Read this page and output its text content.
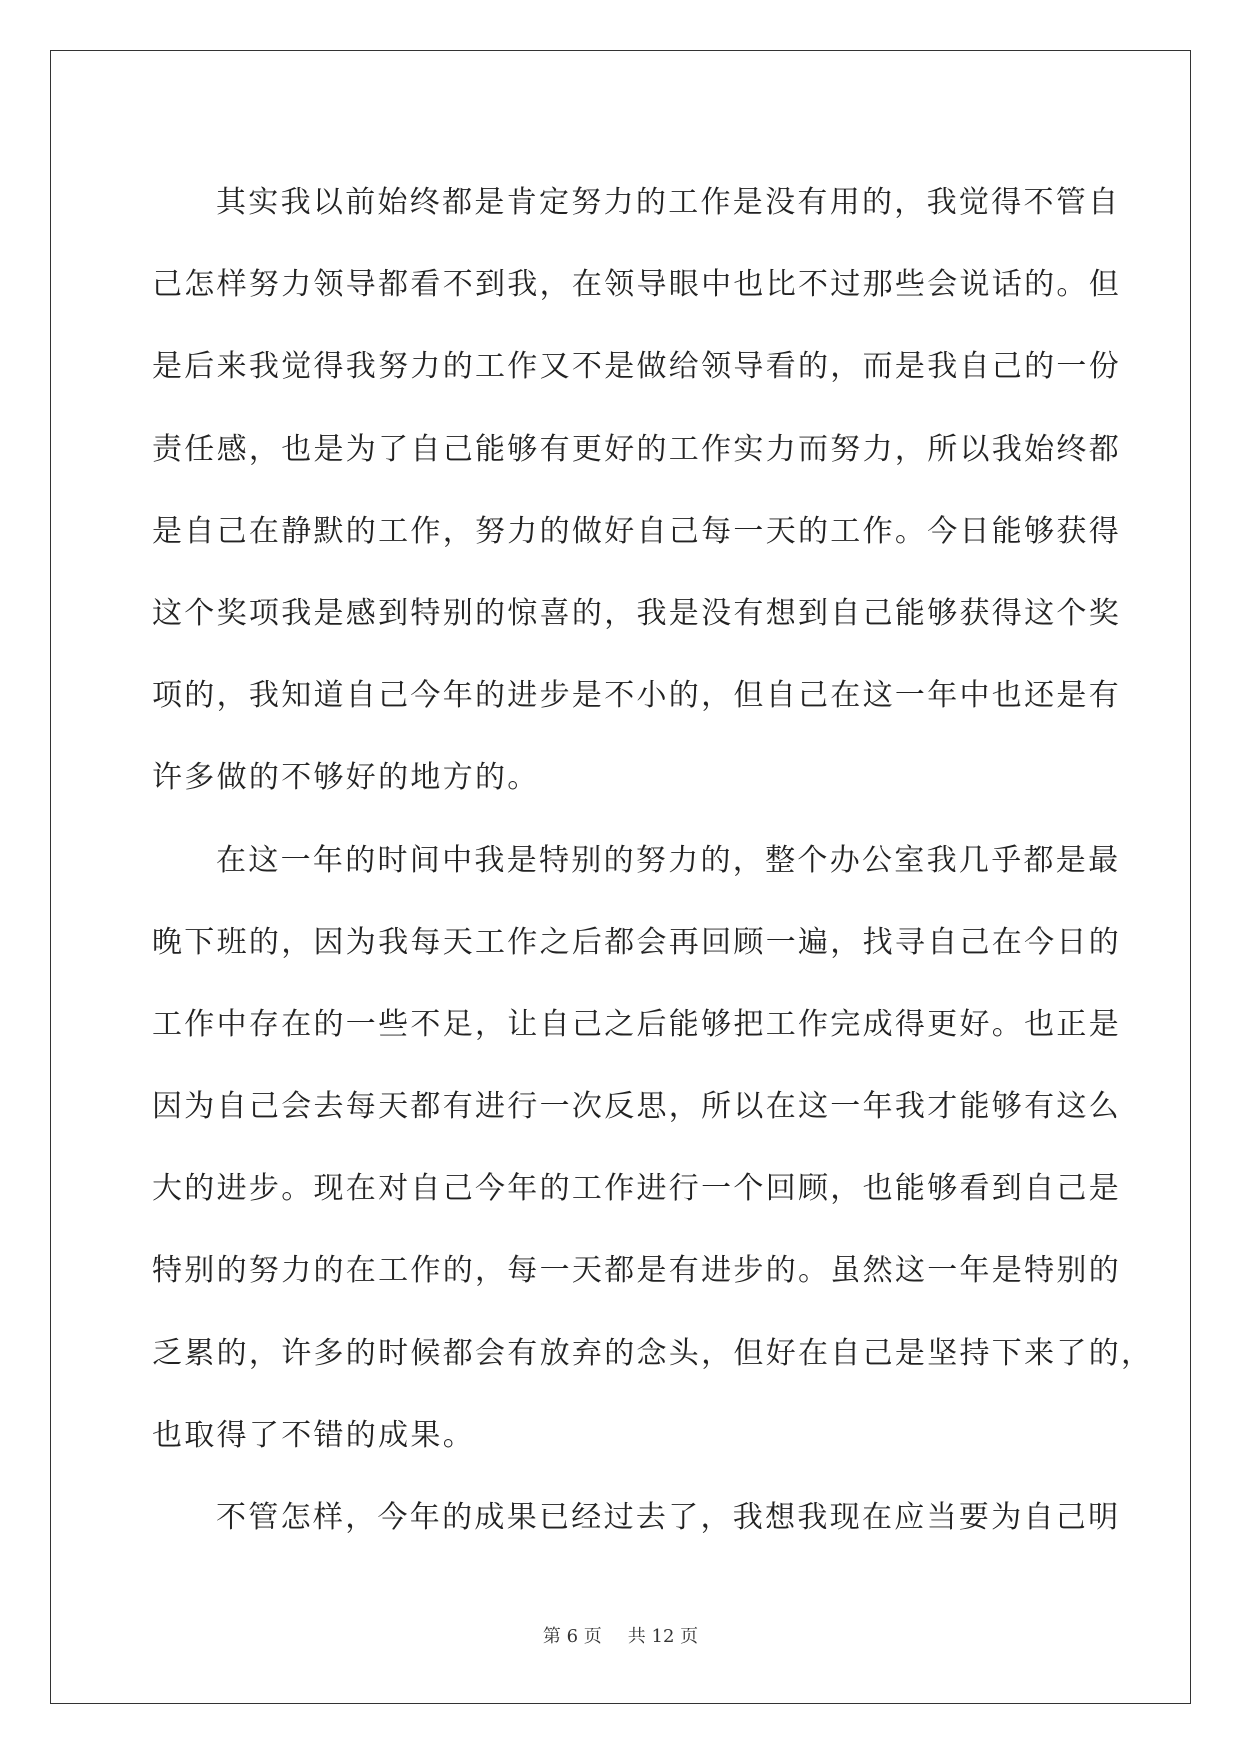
其实我以前始终都是肯定努力的工作是没有用的，我觉得不管自
己怎样努力领导都看不到我，在领导眼中也比不过那些会说话的。但
是后来我觉得我努力的工作又不是做给领导看的，而是我自己的一份
责任感，也是为了自己能够有更好的工作实力而努力，所以我始终都
是自己在静默的工作，努力的做好自己每一天的工作。今日能够获得
这个奖项我是感到特别的惊喜的，我是没有想到自己能够获得这个奖
项的，我知道自己今年的进步是不小的，但自己在这一年中也还是有
许多做的不够好的地方的。
在这一年的时间中我是特别的努力的，整个办公室我几乎都是最
晚下班的，因为我每天工作之后都会再回顾一遍，找寻自己在今日的
工作中存在的一些不足，让自己之后能够把工作完成得更好。也正是
因为自己会去每天都有进行一次反思，所以在这一年我才能够有这么
大的进步。现在对自己今年的工作进行一个回顾，也能够看到自己是
特别的努力的在工作的，每一天都是有进步的。虽然这一年是特别的
乏累的，许多的时候都会有放弃的念头，但好在自己是坚持下来了的，
也取得了不错的成果。
不管怎样，今年的成果已经过去了，我想我现在应当要为自己明
第 6 页 共 12 页
